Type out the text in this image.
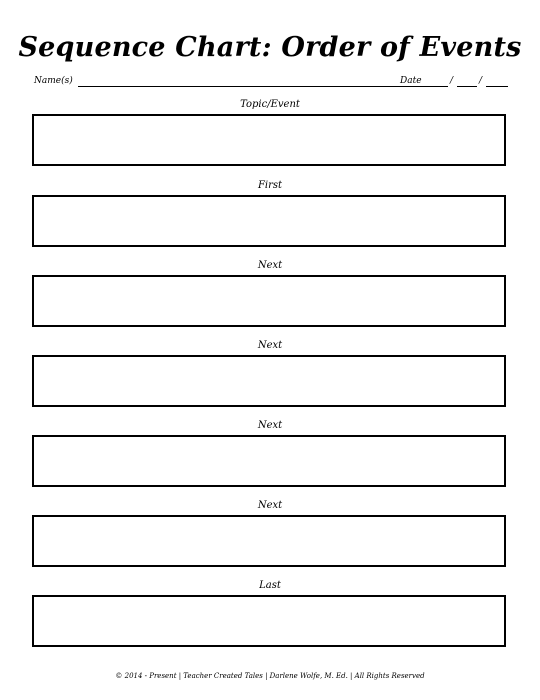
Sequence Chart: Order of Events
Name(s)	Date	/	/
Topic/Event
First
Next
Next
Next
Next
Last
© 2014 - Present | Teacher Created Tales | Darlene Wolfe, M. Ed. | All Rights Reserved
